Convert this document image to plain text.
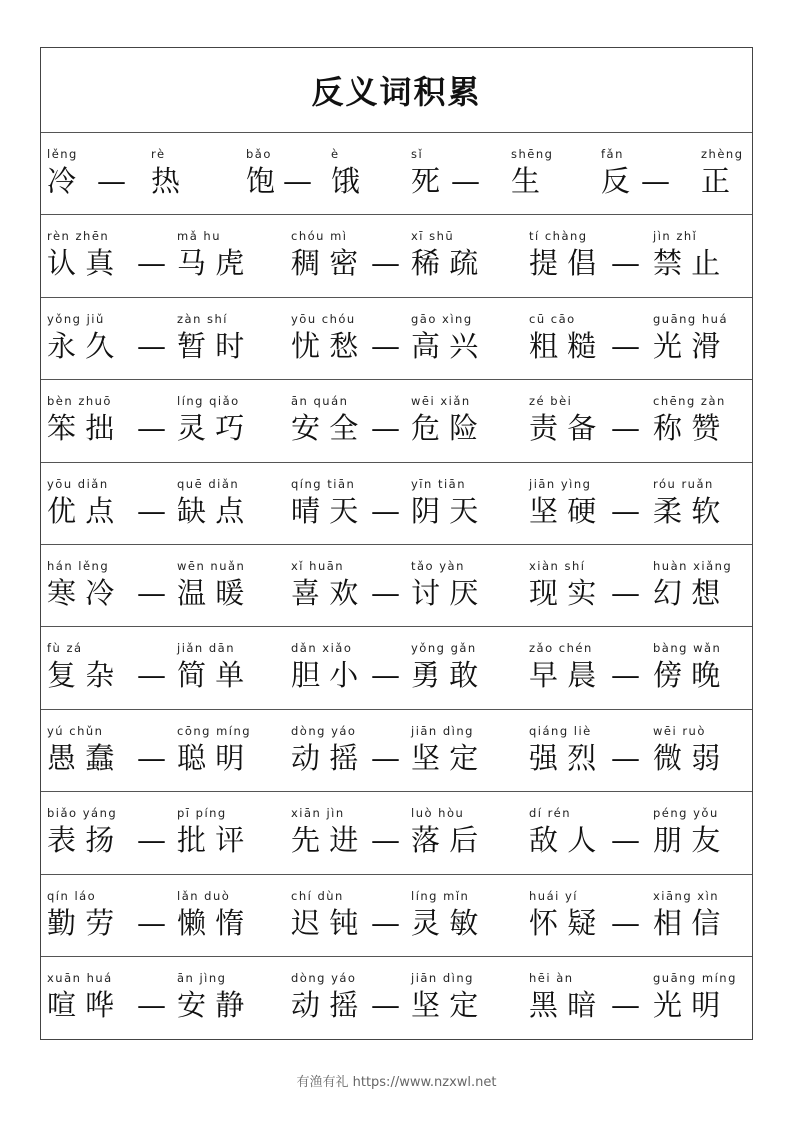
反义词积累
lěng
冷 —
rè
热
bǎo
饱 —
è
饿
sǐ
死 —
shēng
生
fǎn
反 —
zhèng
正
rèn zhēn
认 真 —
mǎ hu
马 虎
chóu mì
稠 密 —
xī shū
稀 疏
tí chàng
提 倡 —
jìn zhǐ
禁 止
yǒng jiǔ
永 久 —
zàn shí
暂 时
yōu chóu
忧 愁 —
gāo xìng
高 兴
cū cāo
粗 糙 —
guāng huá
光 滑
bèn zhuō
笨 拙 —
líng qiǎo
灵 巧
ān quán
安 全 —
wēi xiǎn
危 险
zé bèi
责 备 —
chēng zàn
称 赞
yōu diǎn
优 点 —
quē diǎn
缺 点
qíng tiān
晴 天 —
yīn tiān
阴 天
jiān yìng
坚 硬 —
róu ruǎn
柔 软
hán lěng
寒 冷 —
wēn nuǎn
温 暖
xǐ huān
喜 欢 —
tǎo yàn
讨 厌
xiàn shí
现 实 —
huàn xiǎng
幻 想
fù zá
复 杂 —
jiǎn dān
简 单
dǎn xiǎo
胆 小 —
yǒng gǎn
勇 敢
zǎo chén
早 晨 —
bàng wǎn
傍 晚
yú chǔn
愚 蠢 —
cōng míng
聪 明
dòng yáo
动 摇 —
jiān dìng
坚 定
qiáng liè
强 烈 —
wēi ruò
微 弱
biǎo yáng
表 扬 —
pī píng
批 评
xiān jìn
先 进 —
luò hòu
落 后
dí rén
敌 人 —
péng yǒu
朋 友
qín láo
勤 劳 —
lǎn duò
懒 惰
chí dùn
迟 钝 —
líng mǐn
灵 敏
huái yí
怀 疑 —
xiāng xìn
相 信
xuān huá
喧 哗 —
ān jìng
安 静
dòng yáo
动 摇 —
jiān dìng
坚 定
hēi àn
黑 暗 —
guāng míng
光 明
有渔有礼 https://www.nzxwl.net
